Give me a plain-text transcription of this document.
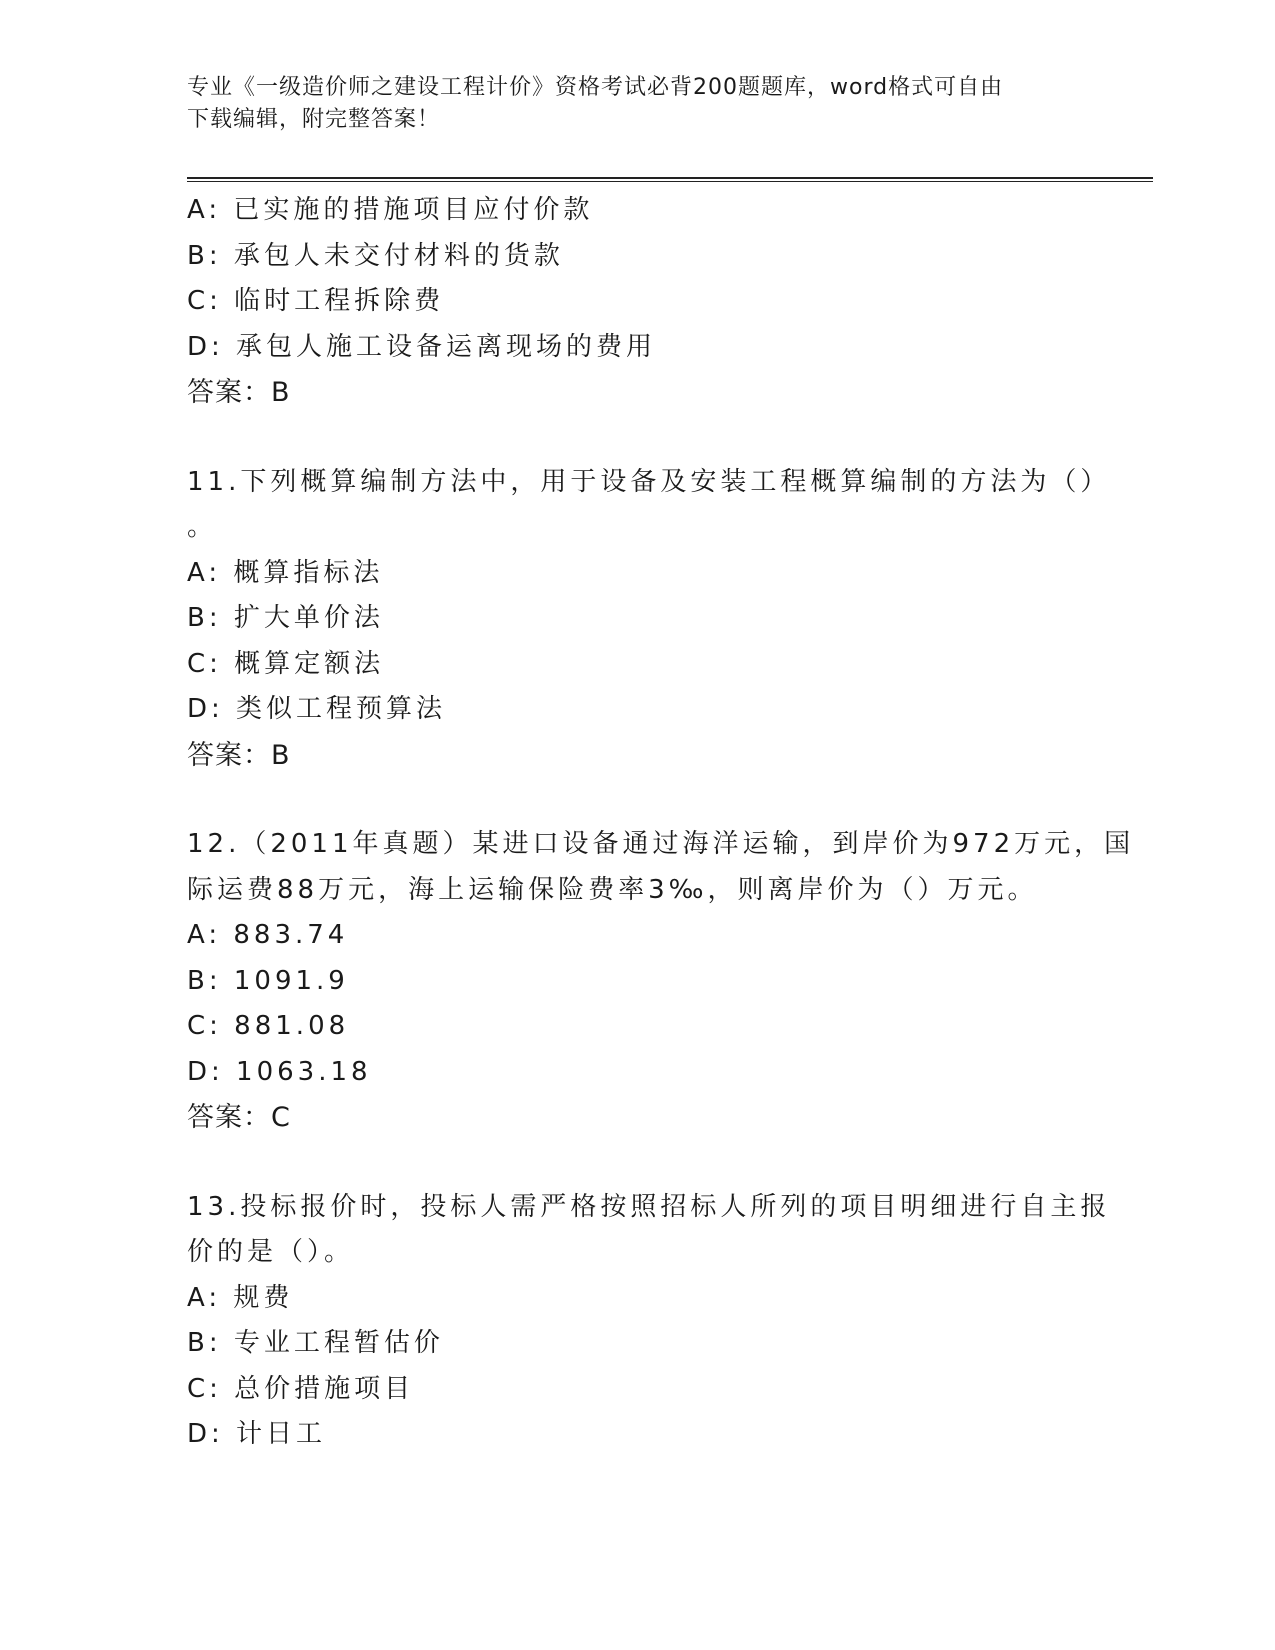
专业《一级造价师之建设工程计价》资格考试必背200题题库，word格式可自由
下载编辑，附完整答案！
A: 已实施的措施项目应付价款
B: 承包人未交付材料的货款
C: 临时工程拆除费
D: 承包人施工设备运离现场的费用
答案：B
11.下列概算编制方法中，用于设备及安装工程概算编制的方法为（）
。
A: 概算指标法
B: 扩大单价法
C: 概算定额法
D: 类似工程预算法
答案：B
12.（2011年真题）某进口设备通过海洋运输，到岸价为972万元，国
际运费88万元，海上运输保险费率3‰，则离岸价为（）万元。
A: 883.74
B: 1091.9
C: 881.08
D: 1063.18
答案：C
13.投标报价时，投标人需严格按照招标人所列的项目明细进行自主报
价的是（）。
A: 规费
B: 专业工程暂估价
C: 总价措施项目
D: 计日工
